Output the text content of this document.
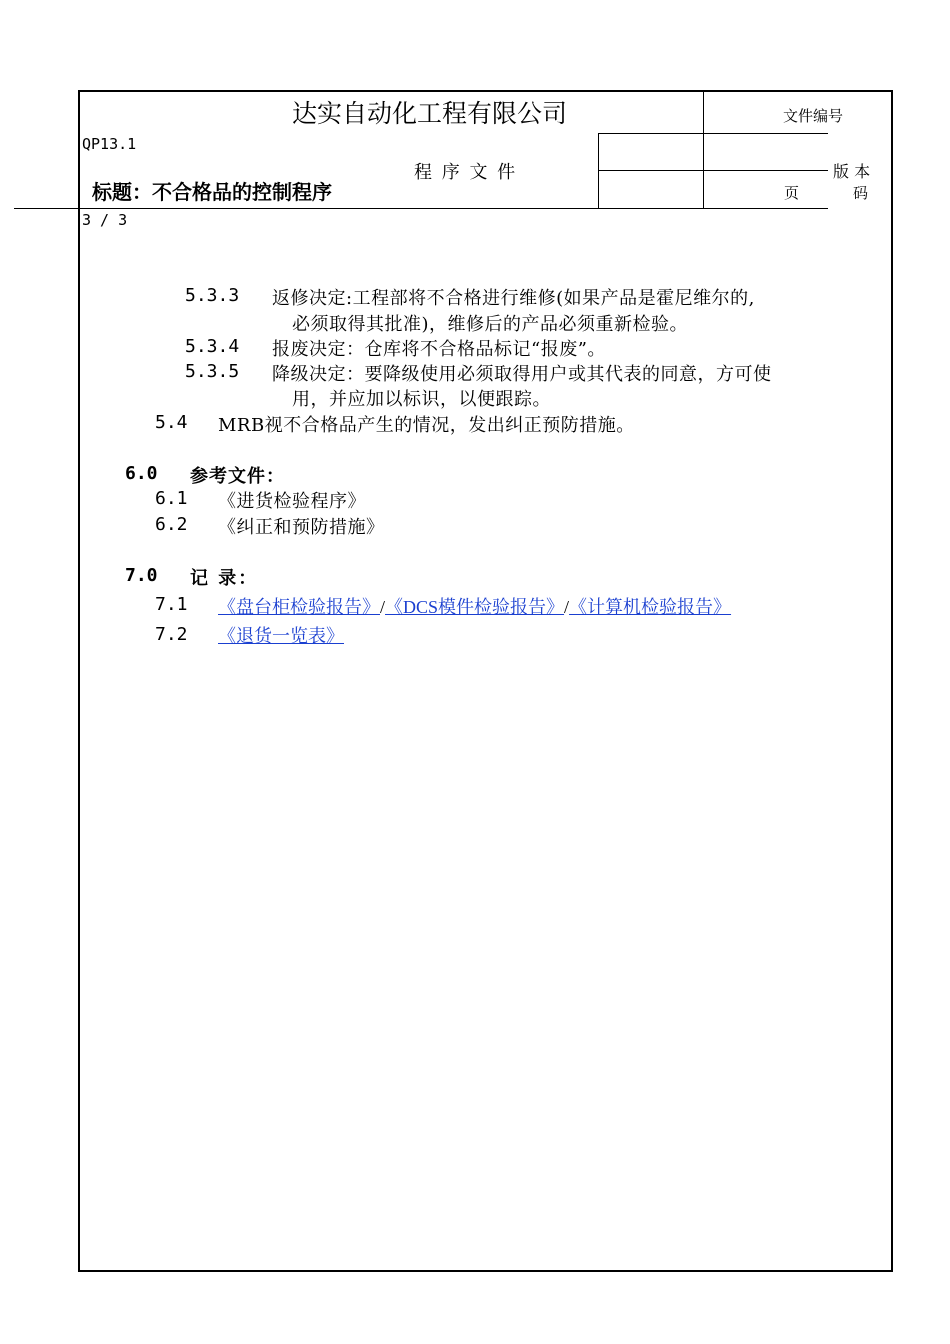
达实自动化工程有限公司	文件编号
QP13.1
程 序 文 件	版 本
标题：不合格品的控制程序	页	码
3 / 3
5.3.3 返修决定:工程部将不合格进行维修(如果产品是霍尼维尔的,
必须取得其批准)，维修后的产品必须重新检验。
5.3.4 报废决定：仓库将不合格品标记“报废”。
5.3.5 降级决定：要降级使用必须取得用户或其代表的同意，方可使
用，并应加以标识，以便跟踪。
5.4 MRB视不合格品产生的情况，发出纠正预防措施。
6.0 参考文件：
6.1 《进货检验程序》
6.2 《纠正和预防措施》
7.0 记 录：
7.1 《盘台柜检验报告》/《DCS模件检验报告》/《计算机检验报告》
7.2 《退货一览表》
